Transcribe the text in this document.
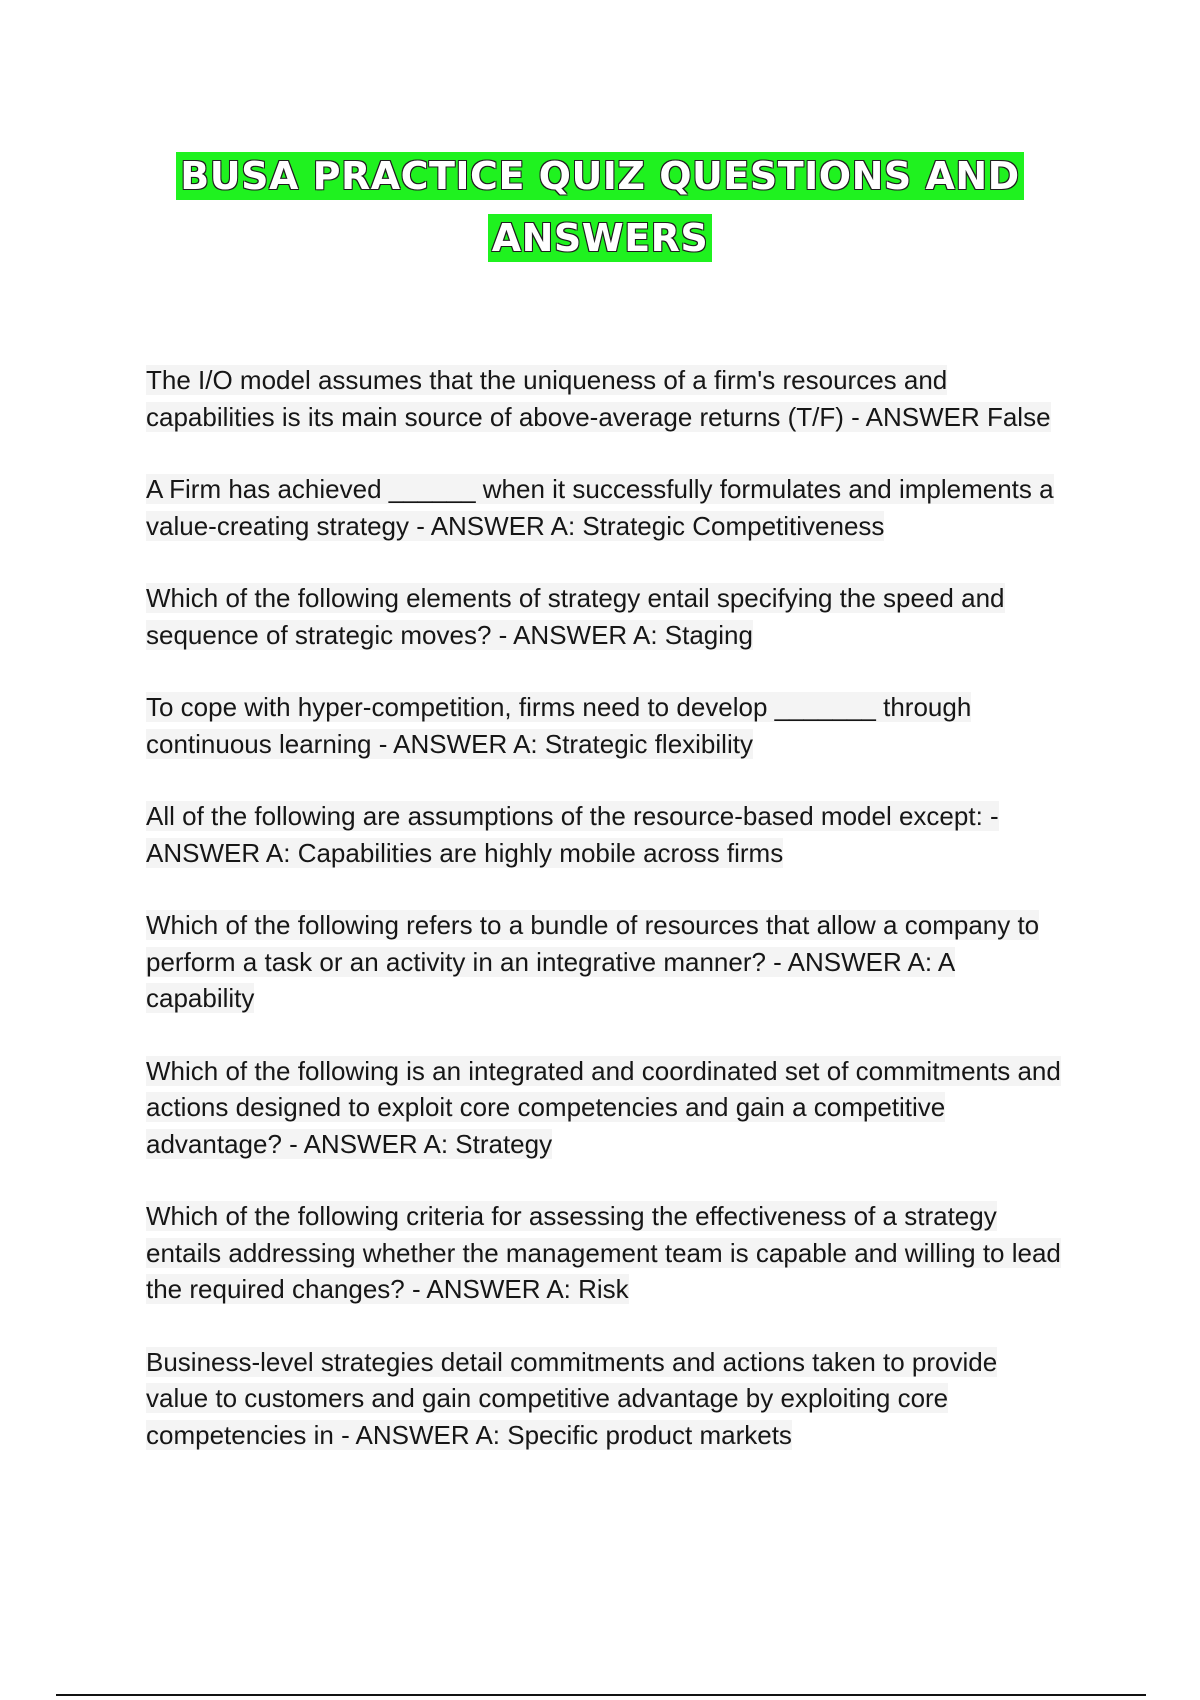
BUSA PRACTICE QUIZ QUESTIONS AND ANSWERS

The I/O model assumes that the uniqueness of a firm's resources and capabilities is its main source of above-average returns (T/F) - ANSWER False

A Firm has achieved ______ when it successfully formulates and implements a value-creating strategy - ANSWER A: Strategic Competitiveness

Which of the following elements of strategy entail specifying the speed and sequence of strategic moves? - ANSWER A: Staging

To cope with hyper-competition, firms need to develop _______ through continuous learning - ANSWER A: Strategic flexibility

All of the following are assumptions of the resource-based model except: - ANSWER A: Capabilities are highly mobile across firms

Which of the following refers to a bundle of resources that allow a company to perform a task or an activity in an integrative manner? - ANSWER A: A capability

Which of the following is an integrated and coordinated set of commitments and actions designed to exploit core competencies and gain a competitive advantage? - ANSWER A: Strategy

Which of the following criteria for assessing the effectiveness of a strategy entails addressing whether the management team is capable and willing to lead the required changes? - ANSWER A: Risk

Business-level strategies detail commitments and actions taken to provide value to customers and gain competitive advantage by exploiting core competencies in - ANSWER A: Specific product markets
